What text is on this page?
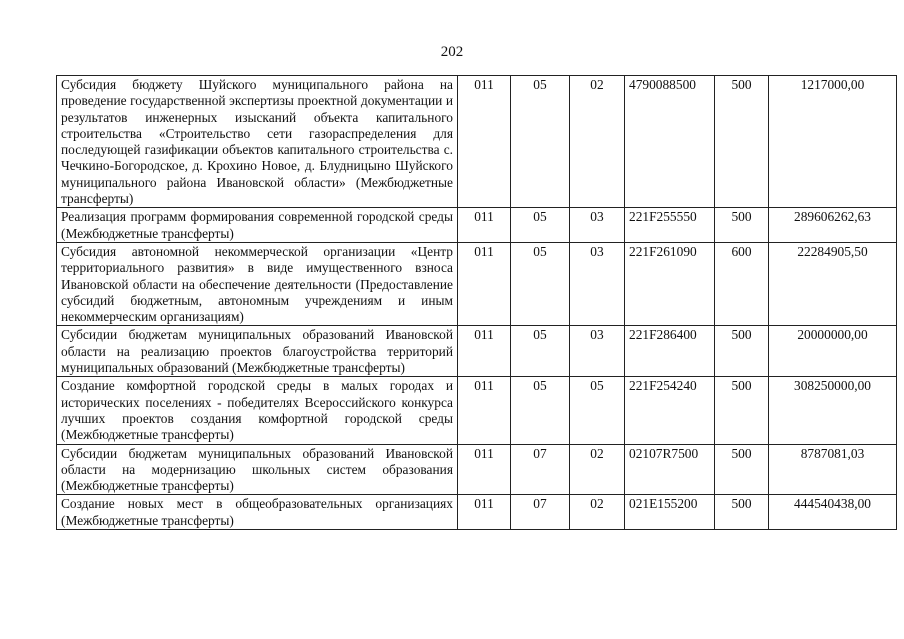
202
Субсидия бюджету Шуйского муниципального района на проведение государственной экспертизы проектной документации и результатов инженерных изысканий объекта капитального строительства «Строительство сети газораспределения для последующей газификации объектов капитального строительства с. Чечкино-Богородское, д. Крохино Новое, д. Блудницыно Шуйского муниципального района Ивановской области» (Межбюджетные трансферты)	011	05	02	4790088500	500	1217000,00
Реализация программ формирования современной городской среды (Межбюджетные трансферты)	011	05	03	221F255550	500	289606262,63
Субсидия автономной некоммерческой организации «Центр территориального развития» в виде имущественного взноса Ивановской области на обеспечение деятельности (Предоставление субсидий бюджетным, автономным учреждениям и иным некоммерческим организациям)	011	05	03	221F261090	600	22284905,50
Субсидии бюджетам муниципальных образований Ивановской области на реализацию проектов благоустройства территорий муниципальных образований (Межбюджетные трансферты)	011	05	03	221F286400	500	20000000,00
Создание комфортной городской среды в малых городах и исторических поселениях - победителях Всероссийского конкурса лучших проектов создания комфортной городской среды (Межбюджетные трансферты)	011	05	05	221F254240	500	308250000,00
Субсидии бюджетам муниципальных образований Ивановской области на модернизацию школьных систем образования (Межбюджетные трансферты)	011	07	02	02107R7500	500	8787081,03
Создание новых мест в общеобразовательных организациях (Межбюджетные трансферты)	011	07	02	021E155200	500	444540438,00
